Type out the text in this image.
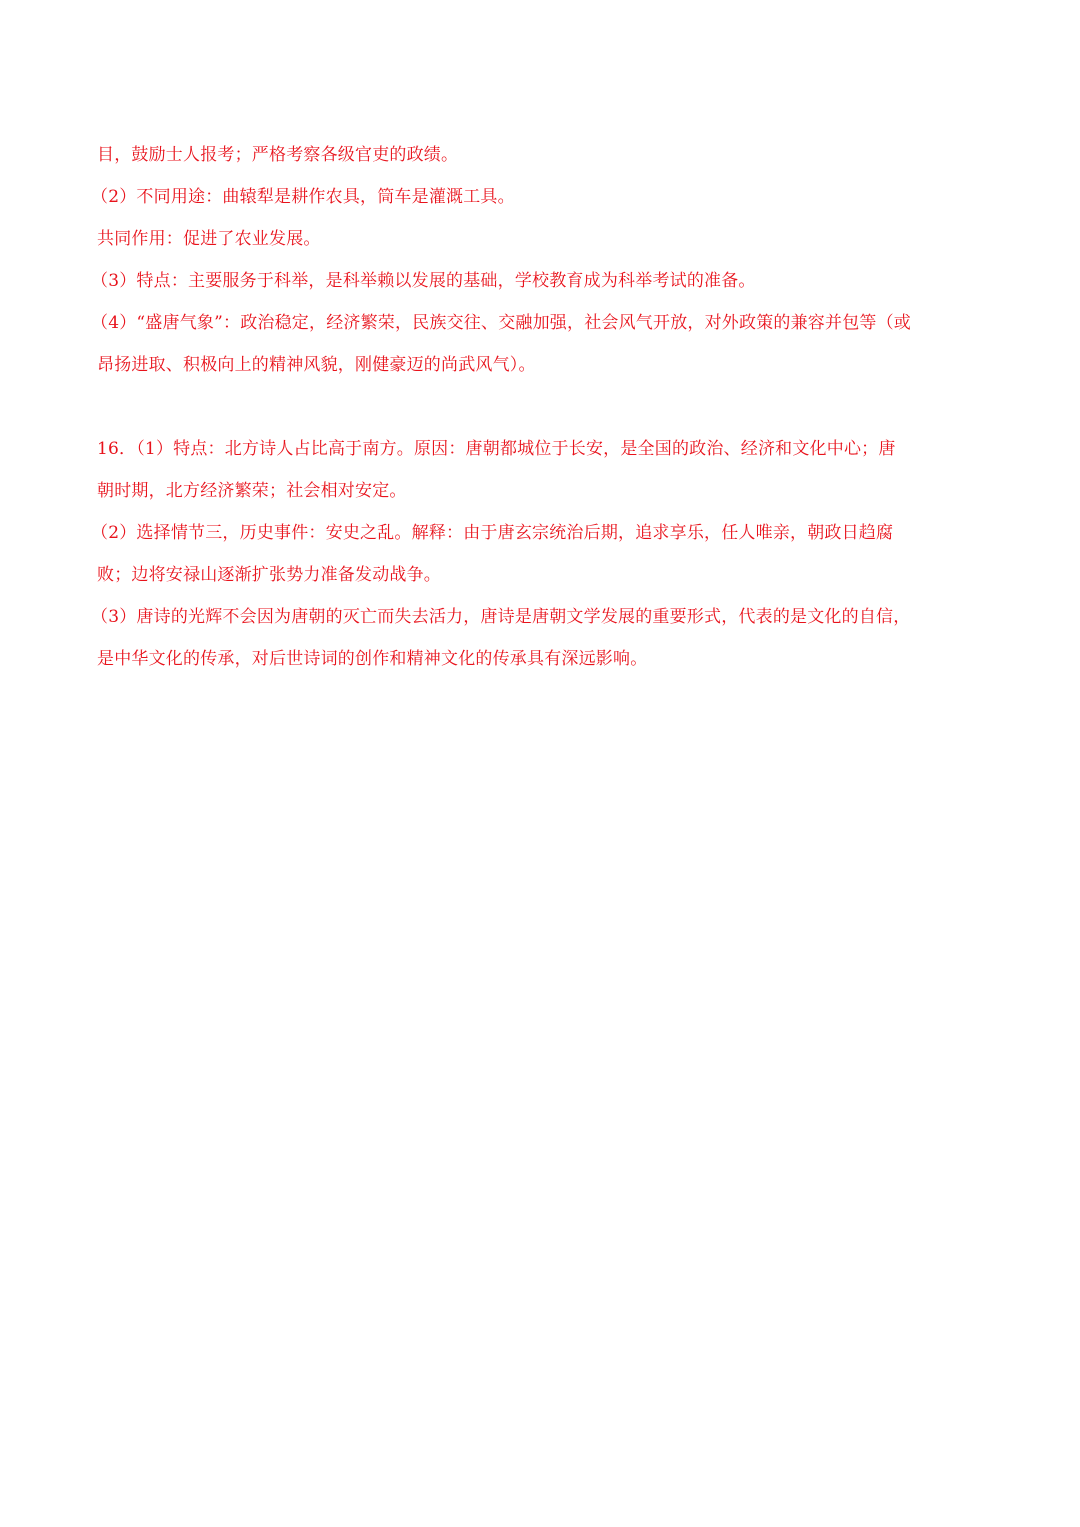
目，鼓励士人报考；严格考察各级官吏的政绩。
（2）不同用途：曲辕犁是耕作农具，筒车是灌溉工具。
共同作用：促进了农业发展。
（3）特点：主要服务于科举，是科举赖以发展的基础，学校教育成为科举考试的准备。
（4）“盛唐气象”：政治稳定，经济繁荣，民族交往、交融加强，社会风气开放，对外政策的兼容并包等（或
昂扬进取、积极向上的精神风貌，刚健豪迈的尚武风气）。
16．（1）特点：北方诗人占比高于南方。原因：唐朝都城位于长安，是全国的政治、经济和文化中心；唐
朝时期，北方经济繁荣；社会相对安定。
（2）选择情节三，历史事件：安史之乱。解释：由于唐玄宗统治后期，追求享乐，任人唯亲，朝政日趋腐
败；边将安禄山逐渐扩张势力准备发动战争。
（3）唐诗的光辉不会因为唐朝的灭亡而失去活力，唐诗是唐朝文学发展的重要形式，代表的是文化的自信，
是中华文化的传承，对后世诗词的创作和精神文化的传承具有深远影响。
